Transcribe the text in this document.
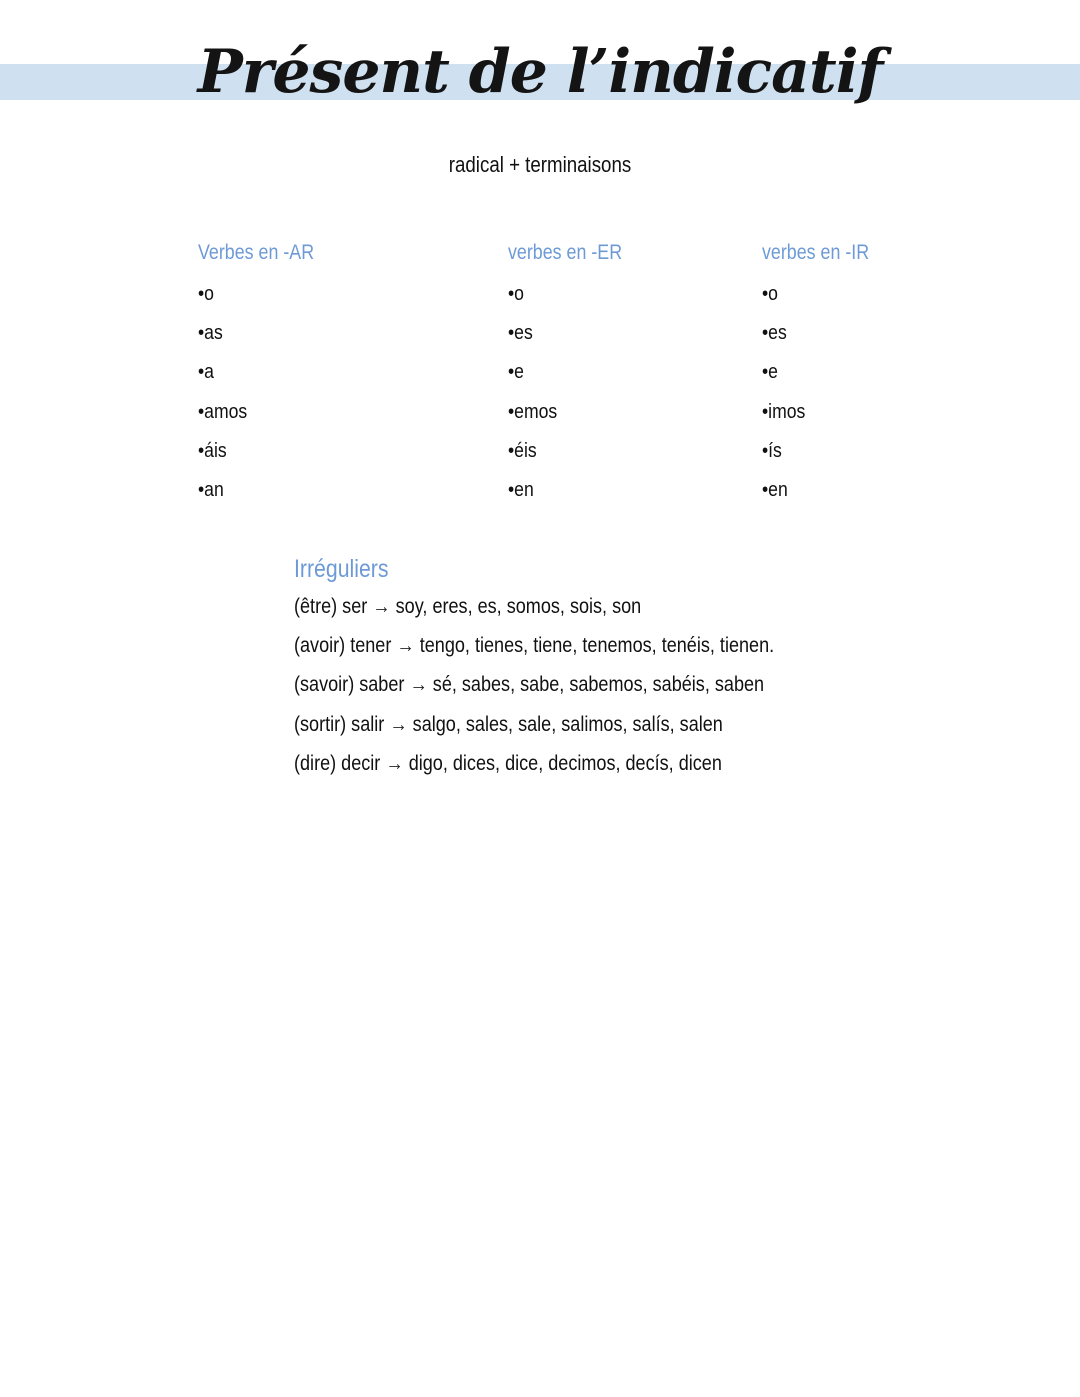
Présent de l’indicatif
radical + terminaisons
Verbes en -AR
•o
•as
•a
•amos
•áis
•an
verbes en -ER
•o
•es
•e
•emos
•éis
•en
verbes en -IR
•o
•es
•e
•imos
•ís
•en
Irréguliers
(être) ser → soy, eres, es, somos, sois, son
(avoir) tener → tengo, tienes, tiene, tenemos, tenéis, tienen.
(savoir) saber → sé, sabes, sabe, sabemos, sabéis, saben
(sortir) salir → salgo, sales, sale, salimos, salís, salen
(dire) decir → digo, dices, dice, decimos, decís, dicen
